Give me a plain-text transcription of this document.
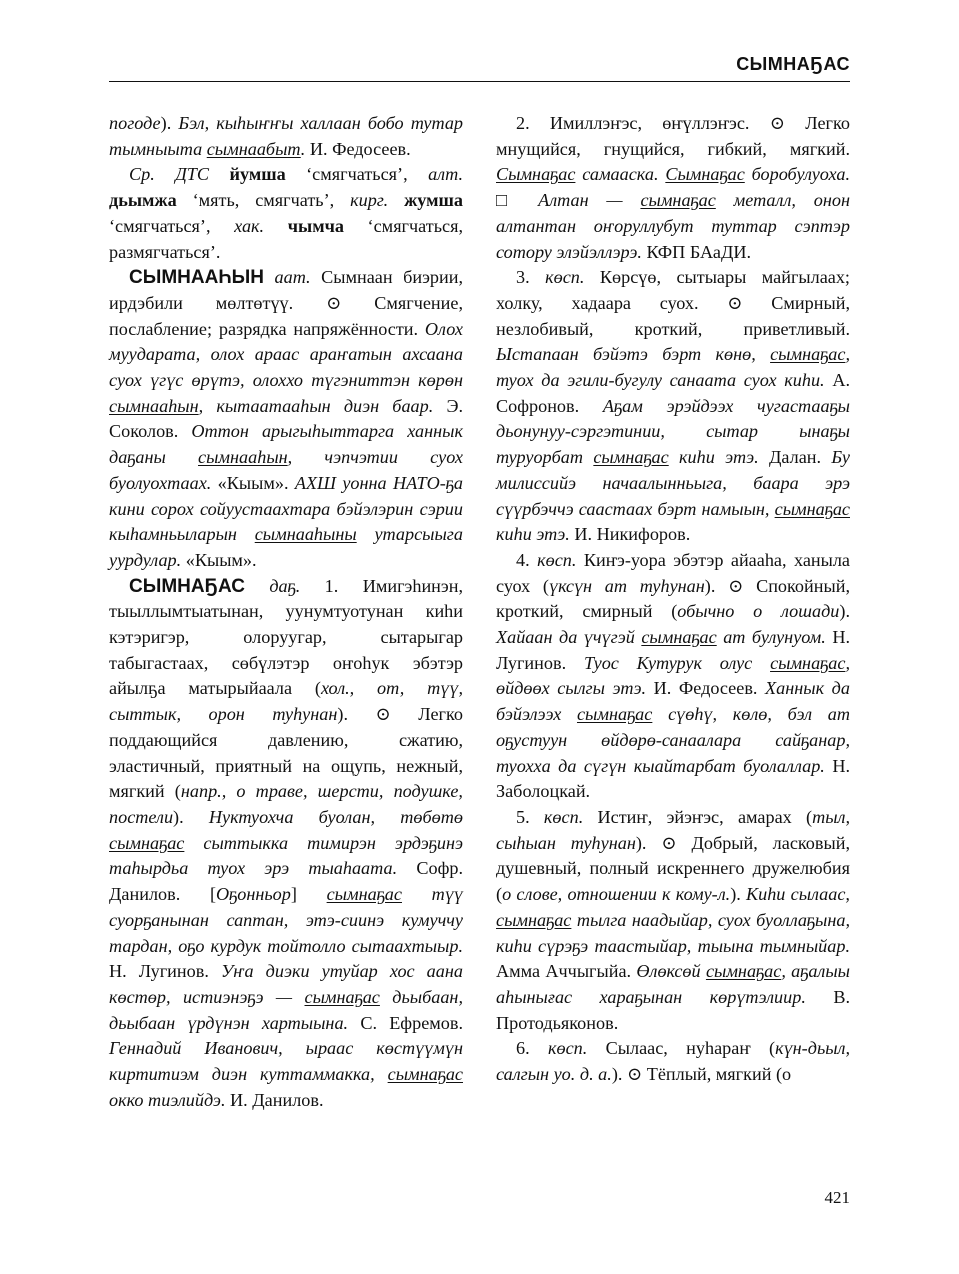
СЫМНАҔАС

погоде). Бэл, кыһыҥҥы халлаан бобо тутар тымныыта сымнаабыт. И. Федосеев.

Ср. ДТС йумша ‘смягчаться’, алт. дьымжа ‘мять, смягчать’, кирг. жумша ‘смягчаться’, хак. чымча ‘смягчаться, размягчаться’.

СЫМНААҺЫН аат. Сымнаан биэрии, ирдэбили мөлтөтүү. ⊙ Смягчение, послабление; разрядка напряжённости. Олох муударата, олох араас араҥатын ахсаана суох үгүс өрүтэ, олоххо түгэниттэн көрөн сымнааһын, кытаатааһын диэн баар. Э. Соколов. Оттон арыгыһыттарга ханнык даҕаны сымнааһын, чэпчэтии суох буолуохтаах. «Кыым». АХШ уонна НАТО-ҕа кини сорох сойуустаахтара бэйэлэрин сэрии кыһамньыларын сымнааһыны утарсыыга уурдулар. «Кыым».

СЫМНАҔАС даҕ. 1. Имигэһинэн, тыыллымтыатынан, уунумтуотунан киһи кэтэригэр, олоруугар, сытарыгар табыгастаах, сөбүлэтэр оҥоһук эбэтэр айылҕа матырыйаала (хол., от, түү, сыттык, орон туһунан). ⊙ Легко поддающийся давлению, сжатию, эластичный, приятный на ощупь, нежный, мягкий (напр., о траве, шерсти, подушке, постели). Нуктуохча буолан, төбөтө сымнаҕас сыттыкка тимирэн эрдэҕинэ таһырдьа туох эрэ тыаһаата. Софр. Данилов. [Оҕонньор] сымнаҕас түү суорҕанынан саптан, этэ-сиинэ кумуччу тардан, оҕо курдук тойтолло сытаахтыыр. Н. Лугинов. Уҥа диэки утуйар хос аана көстөр, истиэнэҕэ — сымнаҕас дьыбаан, дьыбаан үрдүнэн хартыына. С. Ефремов. Геннадий Иванович, ыраас көстүүмүн киртитиэм диэн куттаммакка, сымнаҕас окко тиэлийдэ. И. Данилов.

2. Имиллэҥэс, өҥүллэҥэс. ⊙ Легко мнущийся, гнущийся, гибкий, мягкий. Сымнаҕас самааска. Сымнаҕас боробулуоха. □ Алтан — сымнаҕас металл, онон алтантан оҥоруллубут туттар сэптэр сотору элэйэллэрэ. КФП БАаДИ.

3. көсп. Көрсүө, сытыары майгылаах; холку, хадаара суох. ⊙ Смирный, незлобивый, кроткий, приветливый. Ыстапаан бэйэтэ бэрт көнө, сымнаҕас, туох да эгили-бугулу санаата суох киһи. А. Софронов. Аҕам эрэйдээх чугастааҕы дьонунуу-сэргэтинии, сытар ынаҕы туруорбат сымнаҕас киһи этэ. Далан. Бу милиссийэ начаалынньыга, баара эрэ сүүрбэччэ саастаах бэрт намыын, сымнаҕас киһи этэ. И. Никифоров.

4. көсп. Киҥэ-уора эбэтэр айааһа, ханыла суох (үксүн ат туһунан). ⊙ Спокойный, кроткий, смирный (обычно о лошади). Хайаан да үчүгэй сымнаҕас ат булунуом. Н. Лугинов. Туос Кутурук олус сымнаҕас, өйдөөх сылгы этэ. И. Федосеев. Ханнык да бэйэлээх сымнаҕас сүөһү, көлө, бэл ат оҕустуун өйдөрө-санаалара сайҕанар, туоххa да сүгүн кыайтарбат буолаллар. Н. Заболоцкай.

5. көсп. Истиҥ, эйэҥэс, амарах (тыл, сыһыан туһунан). ⊙ Добрый, ласковый, душевный, полный искреннего дружелюбия (о слове, отношении к кому-л.). Киһи сылаас, сымнаҕас тылга наадыйар, суох буоллаҕына, киһи сүрэҕэ таастыйар, тыына тымныйар. Амма Аччыгыйа. Өлөксөй сымнаҕас, аҕалыы аһынығас хараҕынан көрүтэлиир. В. Протодьяконов.

6. көсп. Сылаас, нуһараҥ (күн-дьыл, салгын уо. д. а.). ⊙ Тёплый, мягкий (о

421
